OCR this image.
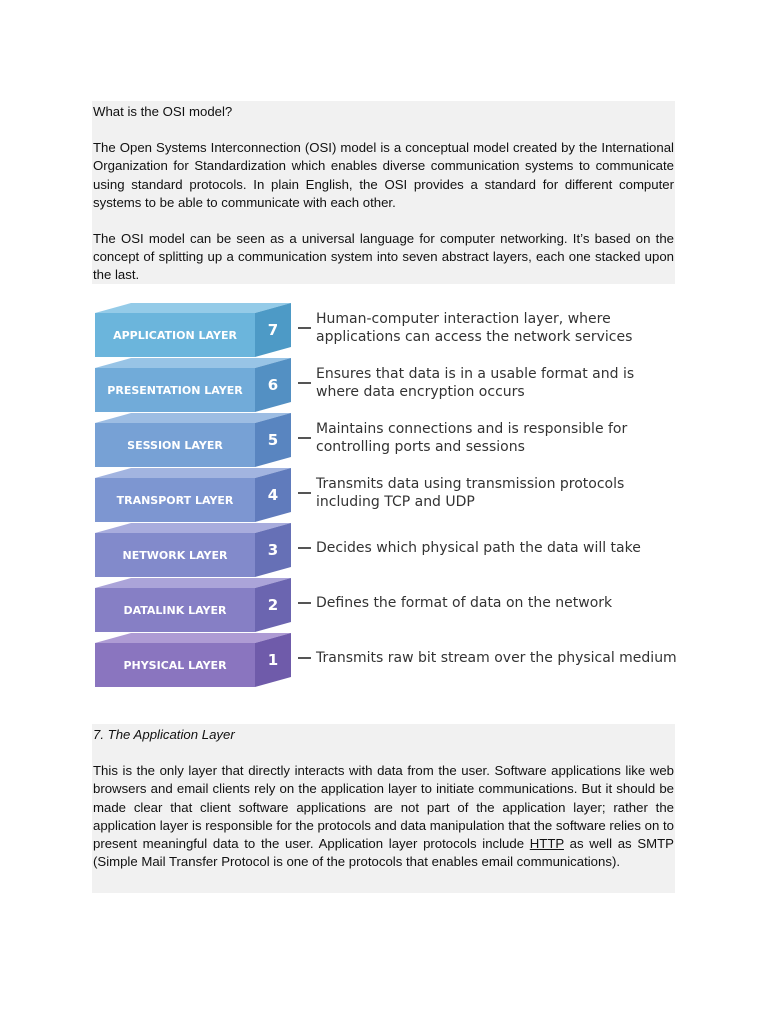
What is the OSI model?

The Open Systems Interconnection (OSI) model is a conceptual model created by the International Organization for Standardization which enables diverse communication systems to communicate using standard protocols. In plain English, the OSI provides a standard for different computer systems to be able to communicate with each other.

The OSI model can be seen as a universal language for computer networking. It’s based on the concept of splitting up a communication system into seven abstract layers, each one stacked upon the last.

APPLICATION LAYER 7
Human-computer interaction layer, where
applications can access the network services
PRESENTATION LAYER 6
Ensures that data is in a usable format and is
where data encryption occurs
SESSION LAYER	5
Maintains connections and is responsible for
controlling ports and sessions
TRANSPORT LAYER 4
Transmits data using transmission protocols
including TCP and UDP
NETWORK LAYER	3	Decides which physical path the data will take
DATALINK LAYER	2	Defines the format of data on the network
PHYSICAL LAYER	1	Transmits raw bit stream over the physical medium

7. The Application Layer

This is the only layer that directly interacts with data from the user. Software applications like web browsers and email clients rely on the application layer to initiate communications. But it should be made clear that client software applications are not part of the application layer; rather the application layer is responsible for the protocols and data manipulation that the software relies on to present meaningful data to the user. Application layer protocols include HTTP as well as SMTP (Simple Mail Transfer Protocol is one of the protocols that enables email communications).
